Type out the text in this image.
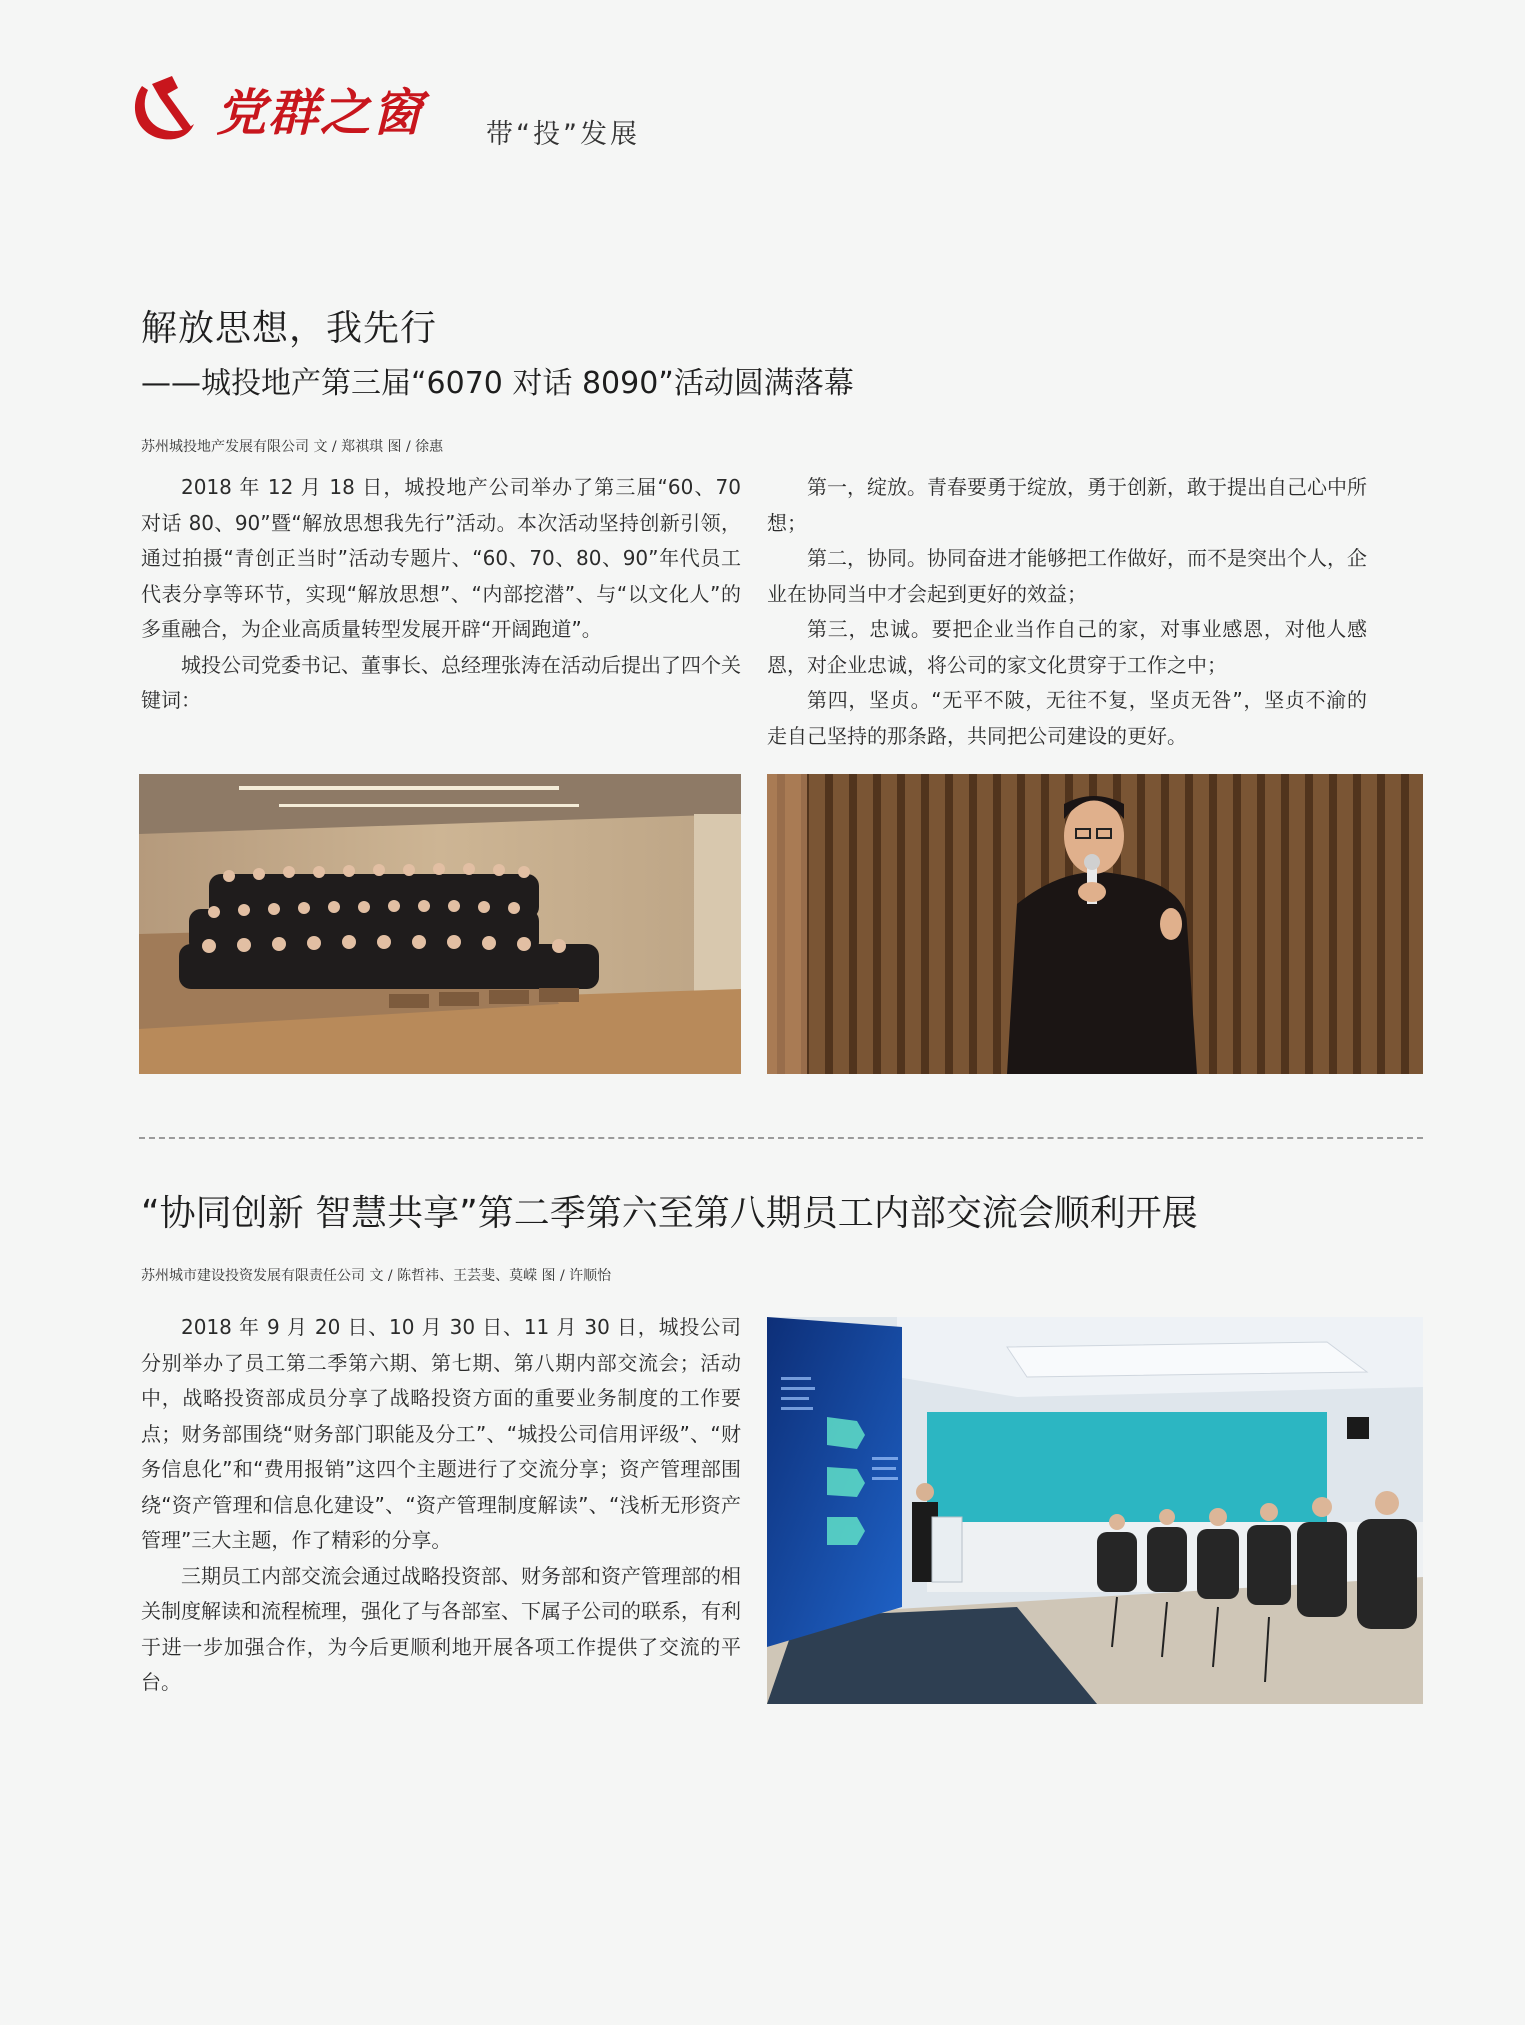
党群之窗 带“投”发展
解放思想，我先行
——城投地产第三届“6070 对话 8090”活动圆满落幕
苏州城投地产发展有限公司 文 / 郑祺琪 图 / 徐惠

2018 年 12 月 18 日，城投地产公司举办了第三届“60、70 对话 80、90”暨“解放思想我先行”活动。本次活动坚持创新引领，通过拍摄“青创正当时”活动专题片、“60、70、80、90”年代员工代表分享等环节，实现“解放思想”、“内部挖潜”、与“以文化人”的多重融合，为企业高质量转型发展开辟“开阔跑道”。

城投公司党委书记、董事长、总经理张涛在活动后提出了四个关键词：

第一，绽放。青春要勇于绽放，勇于创新，敢于提出自己心中所想；

第二，协同。协同奋进才能够把工作做好，而不是突出个人，企业在协同当中才会起到更好的效益；

第三，忠诚。要把企业当作自己的家，对事业感恩，对他人感恩，对企业忠诚，将公司的家文化贯穿于工作之中；

第四，坚贞。“无平不陂，无往不复，坚贞无咎”，坚贞不渝的走自己坚持的那条路，共同把公司建设的更好。

“协同创新 智慧共享”第二季第六至第八期员工内部交流会顺利开展
苏州城市建设投资发展有限责任公司 文 / 陈哲祎、王芸斐、莫嵘 图 / 许顺怡

2018 年 9 月 20 日、10 月 30 日、11 月 30 日，城投公司分别举办了员工第二季第六期、第七期、第八期内部交流会；活动中，战略投资部成员分享了战略投资方面的重要业务制度的工作要点；财务部围绕“财务部门职能及分工”、“城投公司信用评级”、“财务信息化”和“费用报销”这四个主题进行了交流分享；资产管理部围绕“资产管理和信息化建设”、“资产管理制度解读”、“浅析无形资产管理”三大主题，作了精彩的分享。

三期员工内部交流会通过战略投资部、财务部和资产管理部的相关制度解读和流程梳理，强化了与各部室、下属子公司的联系，有利于进一步加强合作，为今后更顺利地开展各项工作提供了交流的平台。
